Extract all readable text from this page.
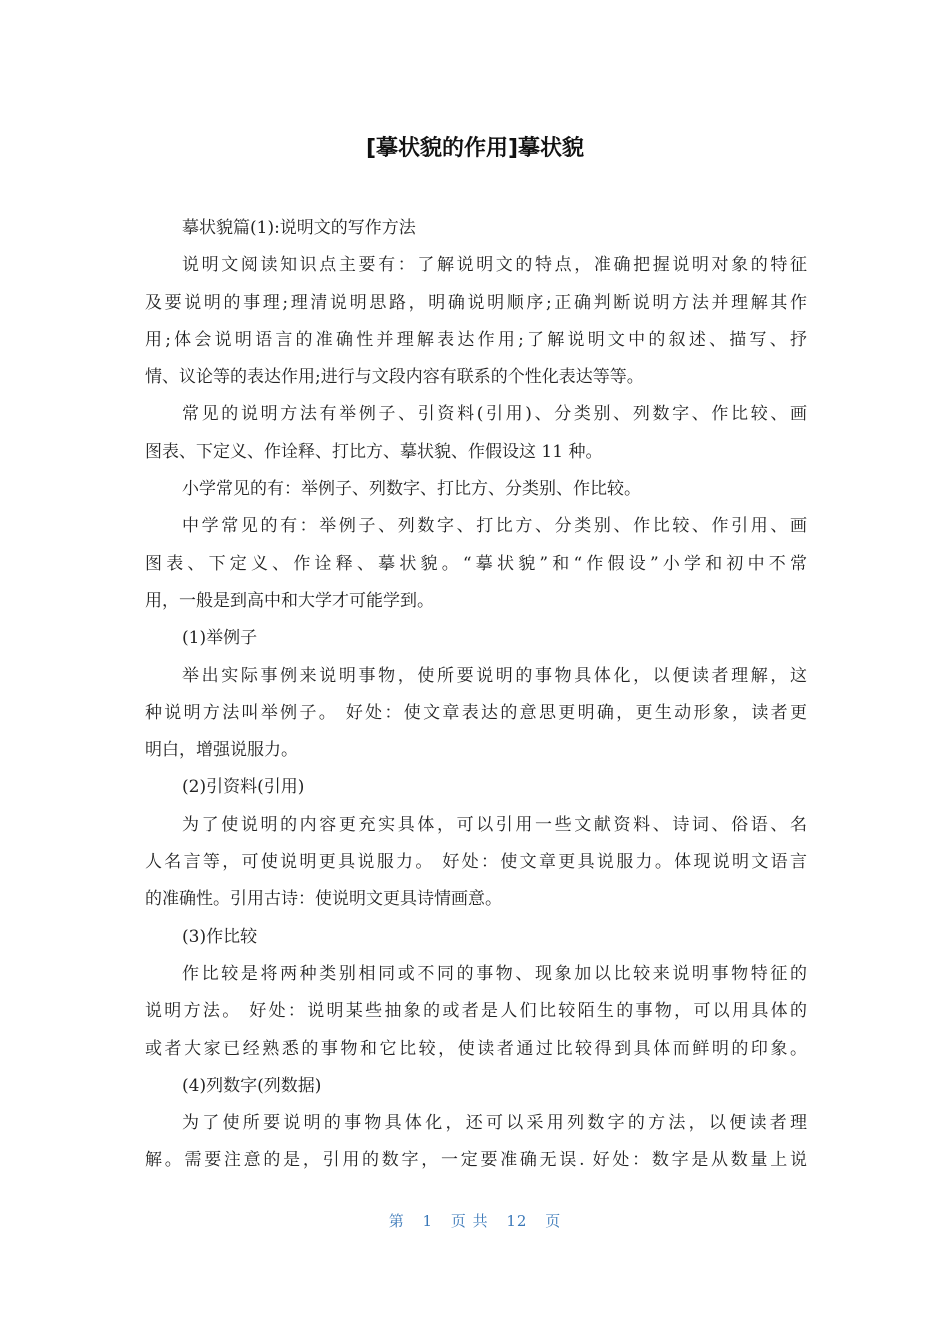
[摹状貌的作用]摹状貌
摹状貌篇(1):说明文的写作方法
说明文阅读知识点主要有：了解说明文的特点，准确把握说明对象的特征
及要说明的事理;理清说明思路，明确说明顺序;正确判断说明方法并理解其作
用;体会说明语言的准确性并理解表达作用;了解说明文中的叙述、描写、抒
情、议论等的表达作用;进行与文段内容有联系的个性化表达等等。
常见的说明方法有举例子、引资料(引用)、分类别、列数字、作比较、画
图表、下定义、作诠释、打比方、摹状貌、作假设这 11 种。
小学常见的有：举例子、列数字、打比方、分类别、作比较。
中学常见的有：举例子、列数字、打比方、分类别、作比较、作引用、画
图表、下定义、作诠释、摹状貌。“摹状貌”和“作假设”小学和初中不常
用，一般是到高中和大学才可能学到。
(1)举例子
举出实际事例来说明事物，使所要说明的事物具体化，以便读者理解，这
种说明方法叫举例子。 好处：使文章表达的意思更明确，更生动形象，读者更
明白，增强说服力。
(2)引资料(引用)
为了使说明的内容更充实具体，可以引用一些文献资料、诗词、俗语、名
人名言等，可使说明更具说服力。 好处：使文章更具说服力。体现说明文语言
的准确性。引用古诗：使说明文更具诗情画意。
(3)作比较
作比较是将两种类别相同或不同的事物、现象加以比较来说明事物特征的
说明方法。 好处：说明某些抽象的或者是人们比较陌生的事物，可以用具体的
或者大家已经熟悉的事物和它比较，使读者通过比较得到具体而鲜明的印象。
(4)列数字(列数据)
为了使所要说明的事物具体化，还可以采用列数字的方法，以便读者理
解。需要注意的是，引用的数字，一定要准确无误. 好处：数字是从数量上说
第 1 页 共 12 页
